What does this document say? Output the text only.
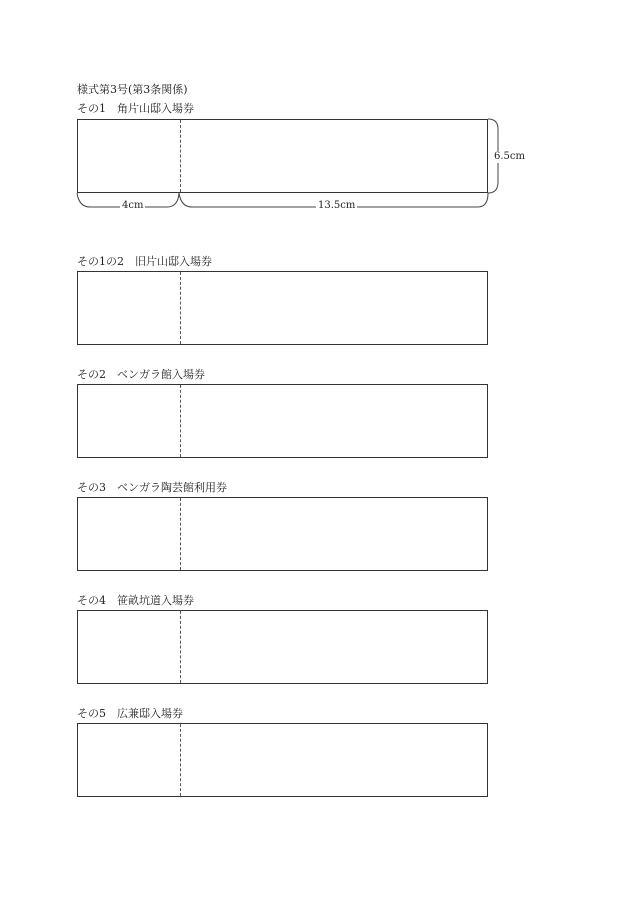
様式第3号(第3条関係)
その1　角片山邸入場券
6.5cm
4cm	13.5cm
その1の2　旧片山邸入場券
その2　ベンガラ館入場券
その3　ベンガラ陶芸館利用券
その4　笹畝坑道入場券
その5　広兼邸入場券
